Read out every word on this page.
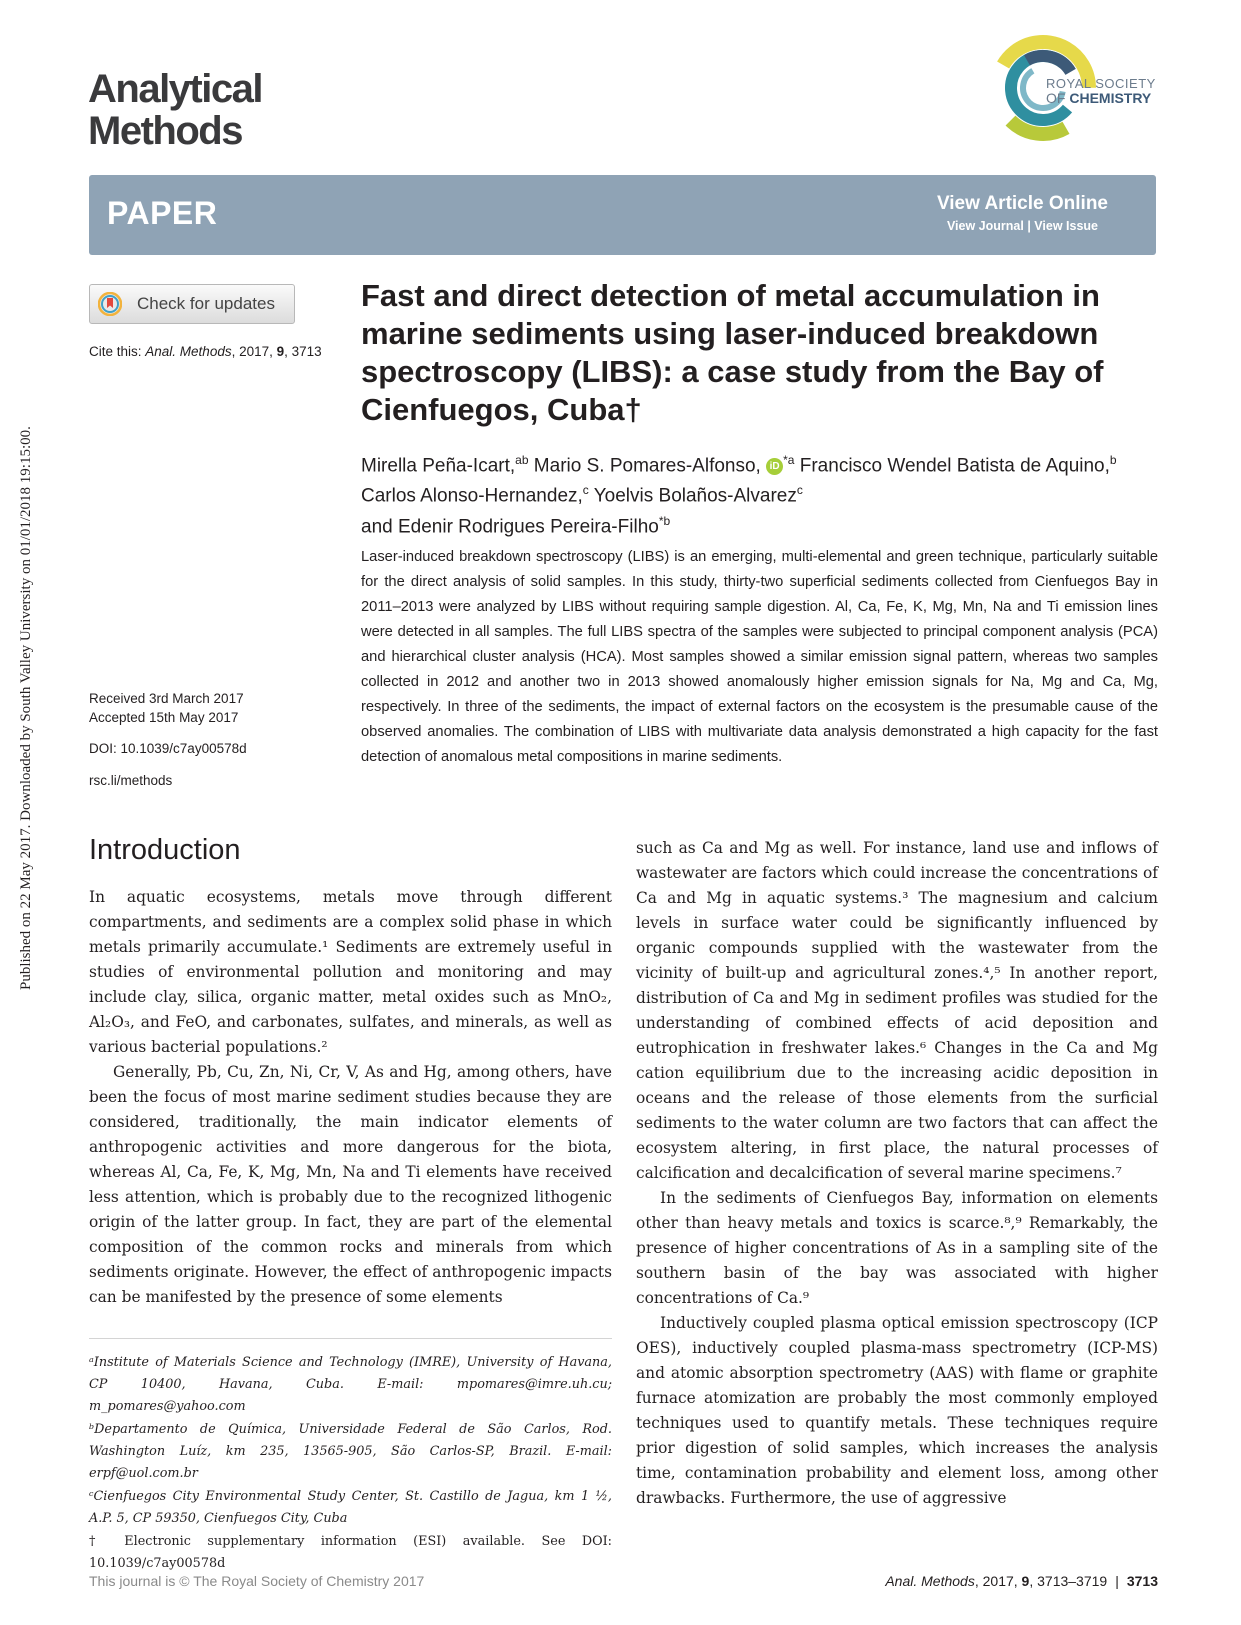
Published on 22 May 2017. Downloaded by South Valley University on 01/01/2018 19:15:00.
Analytical
Methods
ROYAL SOCIETY
OF CHEMISTRY
PAPER	View Article Online
View Journal | View Issue
Check for updates
Cite this: Anal. Methods, 2017, 9, 3713
Received 3rd March 2017
Accepted 15th May 2017
DOI: 10.1039/c7ay00578d
rsc.li/methods
Fast and direct detection of metal accumulation in marine sediments using laser-induced breakdown spectroscopy (LIBS): a case study from the Bay of Cienfuegos, Cuba†
Mirella Peña-Icart,$^{ab}$ Mario S. Pomares-Alfonso, iD $^{*a}$ Francisco Wendel Batista de Aquino,$^b$ Carlos Alonso-Hernandez,$^c$ Yoelvis Bolaños-Alvarez$^c$
and Edenir Rodrigues Pereira-Filho$^{*b}$
Laser-induced breakdown spectroscopy (LIBS) is an emerging, multi-elemental and green technique, particularly suitable for the direct analysis of solid samples. In this study, thirty-two superficial sediments collected from Cienfuegos Bay in 2011–2013 were analyzed by LIBS without requiring sample digestion. Al, Ca, Fe, K, Mg, Mn, Na and Ti emission lines were detected in all samples. The full LIBS spectra of the samples were subjected to principal component analysis (PCA) and hierarchical cluster analysis (HCA). Most samples showed a similar emission signal pattern, whereas two samples collected in 2012 and another two in 2013 showed anomalously higher emission signals for Na, Mg and Ca, Mg, respectively. In three of the sediments, the impact of external factors on the ecosystem is the presumable cause of the observed anomalies. The combination of LIBS with multivariate data analysis demonstrated a high capacity for the fast detection of anomalous metal compositions in marine sediments.
Introduction

In aquatic ecosystems, metals move through different compartments, and sediments are a complex solid phase in which metals primarily accumulate.¹ Sediments are extremely useful in studies of environmental pollution and monitoring and may include clay, silica, organic matter, metal oxides such as MnO₂, Al₂O₃, and FeO, and carbonates, sulfates, and minerals, as well as various bacterial populations.²

Generally, Pb, Cu, Zn, Ni, Cr, V, As and Hg, among others, have been the focus of most marine sediment studies because they are considered, traditionally, the main indicator elements of anthropogenic activities and more dangerous for the biota, whereas Al, Ca, Fe, K, Mg, Mn, Na and Ti elements have received less attention, which is probably due to the recognized lithogenic origin of the latter group. In fact, they are part of the elemental composition of the common rocks and minerals from which sediments originate. However, the effect of anthropogenic impacts can be manifested by the presence of some elements

such as Ca and Mg as well. For instance, land use and inflows of wastewater are factors which could increase the concentrations of Ca and Mg in aquatic systems.³ The magnesium and calcium levels in surface water could be significantly influenced by organic compounds supplied with the wastewater from the vicinity of built-up and agricultural zones.⁴,⁵ In another report, distribution of Ca and Mg in sediment profiles was studied for the understanding of combined effects of acid deposition and eutrophication in freshwater lakes.⁶ Changes in the Ca and Mg cation equilibrium due to the increasing acidic deposition in oceans and the release of those elements from the surficial sediments to the water column are two factors that can affect the ecosystem altering, in first place, the natural processes of calcification and decalcification of several marine specimens.⁷

In the sediments of Cienfuegos Bay, information on elements other than heavy metals and toxics is scarce.⁸,⁹ Remarkably, the presence of higher concentrations of As in a sampling site of the southern basin of the bay was associated with higher concentrations of Ca.⁹

Inductively coupled plasma optical emission spectroscopy (ICP OES), inductively coupled plasma-mass spectrometry (ICP-MS) and atomic absorption spectrometry (AAS) with flame or graphite furnace atomization are probably the most commonly employed techniques used to quantify metals. These techniques require prior digestion of solid samples, which increases the analysis time, contamination probability and element loss, among other drawbacks. Furthermore, the use of aggressive

ᵃInstitute of Materials Science and Technology (IMRE), University of Havana, CP 10400, Havana, Cuba. E-mail: mpomares@imre.uh.cu; m_pomares@yahoo.com
ᵇDepartamento de Química, Universidade Federal de São Carlos, Rod. Washington Luíz, km 235, 13565-905, São Carlos-SP, Brazil. E-mail: erpf@uol.com.br
ᶜCienfuegos City Environmental Study Center, St. Castillo de Jagua, km 1 ½, A.P. 5, CP 59350, Cienfuegos City, Cuba
† Electronic supplementary information (ESI) available. See DOI: 10.1039/c7ay00578d
This journal is © The Royal Society of Chemistry 2017	Anal. Methods, 2017, 9, 3713–3719 | 3713
